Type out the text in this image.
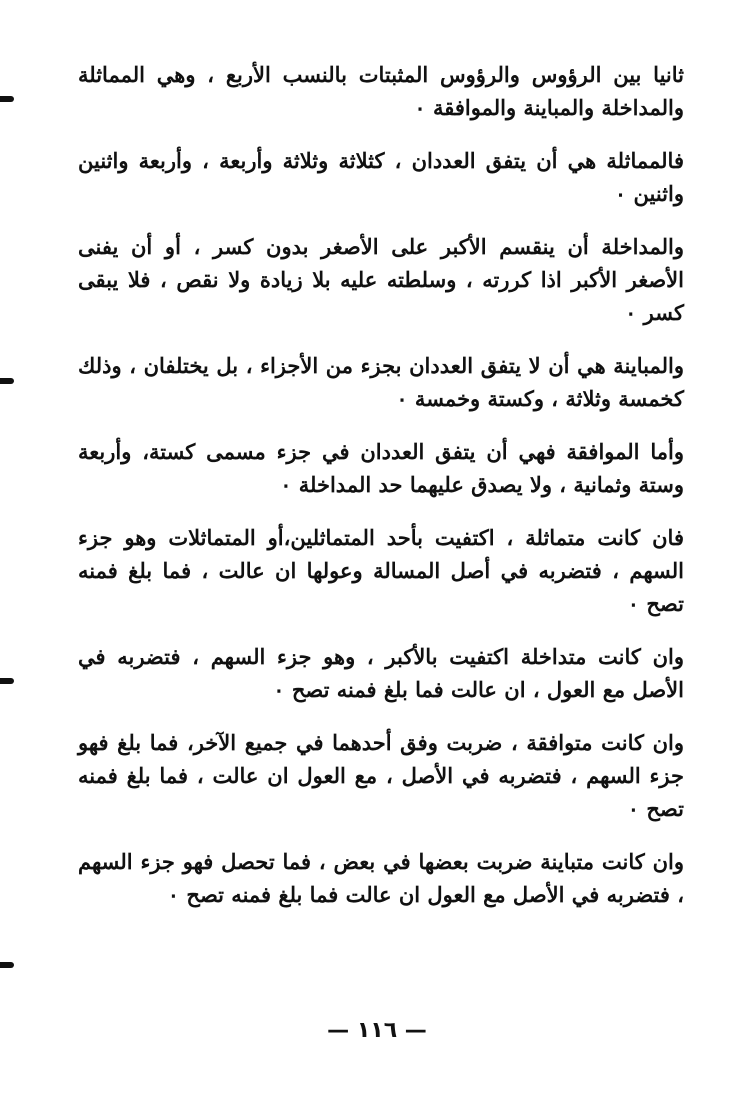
ثانيا بين الرؤوس والرؤوس المثبتات بالنسب الأربع ، وهي المماثلة والمداخلة والمباينة والموافقة ٠

فالمماثلة هي أن يتفق العددان ، كثلاثة وثلاثة وأربعة ، وأربعة واثنين واثنين ٠

والمداخلة أن ينقسم الأكبر على الأصغر بدون كسر ، أو أن يفنى الأصغر الأكبر اذا كررته ، وسلطته عليه بلا زيادة ولا نقص ، فلا يبقى كسر ٠

والمباينة هي أن لا يتفق العددان بجزء من الأجزاء ، بل يختلفان ، وذلك كخمسة وثلاثة ، وكستة وخمسة ٠

وأما الموافقة فهي أن يتفق العددان في جزء مسمى كستة، وأربعة وستة وثمانية ، ولا يصدق عليهما حد المداخلة ٠

فان كانت متماثلة ، اكتفيت بأحد المتماثلين،أو المتماثلات وهو جزء السهم ، فتضربه في أصل المسالة وعولها ان عالت ، فما بلغ فمنه تصح ٠

وان كانت متداخلة اكتفيت بالأكبر ، وهو جزء السهم ، فتضربه في الأصل مع العول ، ان عالت فما بلغ فمنه تصح ٠

وان كانت متوافقة ، ضربت وفق أحدهما في جميع الآخر، فما بلغ فهو جزء السهم ، فتضربه في الأصل ، مع العول ان عالت ، فما بلغ فمنه تصح ٠

وان كانت متباينة ضربت بعضها في بعض ، فما تحصل فهو جزء السهم ، فتضربه في الأصل مع العول ان عالت فما بلغ فمنه تصح ٠

— ١١٦ —
